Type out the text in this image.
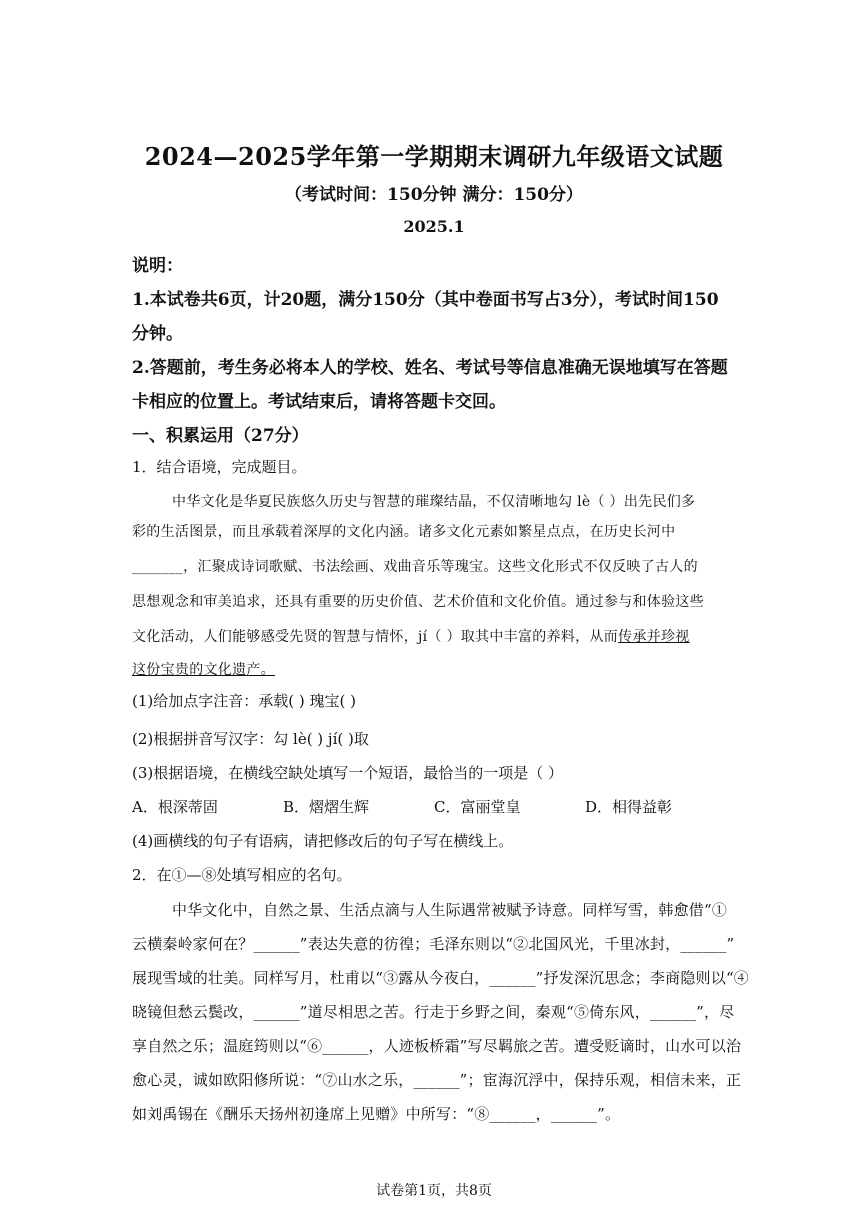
2024—2025学年第一学期期末调研九年级语文试题
（考试时间：150分钟 满分：150分）
2025.1
说明：
1.本试卷共6页，计20题，满分150分（其中卷面书写占3分），考试时间150
分钟。
2.答题前，考生务必将本人的学校、姓名、考试号等信息准确无误地填写在答题
卡相应的位置上。考试结束后，请将答题卡交回。
一、积累运用（27分）
1．结合语境，完成题目。
中华文化是华夏民族悠久历史与智慧的璀璨结晶，不仅清晰地勾 lè（ ）出先民们多
彩的生活图景，而且承载着深厚的文化内涵。诸多文化元素如繁星点点，在历史长河中
_______，汇聚成诗词歌赋、书法绘画、戏曲音乐等瑰宝。这些文化形式不仅反映了古人的
思想观念和审美追求，还具有重要的历史价值、艺术价值和文化价值。通过参与和体验这些
文化活动，人们能够感受先贤的智慧与情怀，jí（ ）取其中丰富的养料，从而传承并珍视
这份宝贵的文化遗产。
(1)给加点字注音：承载( ) 瑰宝( )
(2)根据拼音写汉字：勾 lè( ) jí( )取
(3)根据语境，在横线空缺处填写一个短语，最恰当的一项是（ ）
A．根深蒂固	B．熠熠生辉	C．富丽堂皇	D．相得益彰
(4)画横线的句子有语病，请把修改后的句子写在横线上。
2．在①—⑧处填写相应的名句。
中华文化中，自然之景、生活点滴与人生际遇常被赋予诗意。同样写雪，韩愈借“①
云横秦岭家何在？______”表达失意的彷徨；毛泽东则以“②北国风光，千里冰封，______”
展现雪域的壮美。同样写月，杜甫以“③露从今夜白，______”抒发深沉思念；李商隐则以“④
晓镜但愁云鬓改，______”道尽相思之苦。行走于乡野之间，秦观“⑤倚东风，______”，尽
享自然之乐；温庭筠则以“⑥______，人迹板桥霜”写尽羁旅之苦。遭受贬谪时，山水可以治
愈心灵，诚如欧阳修所说：“⑦山水之乐，______”；宦海沉浮中，保持乐观，相信未来，正
如刘禹锡在《酬乐天扬州初逢席上见赠》中所写：“⑧______，______”。
试卷第1页，共8页
